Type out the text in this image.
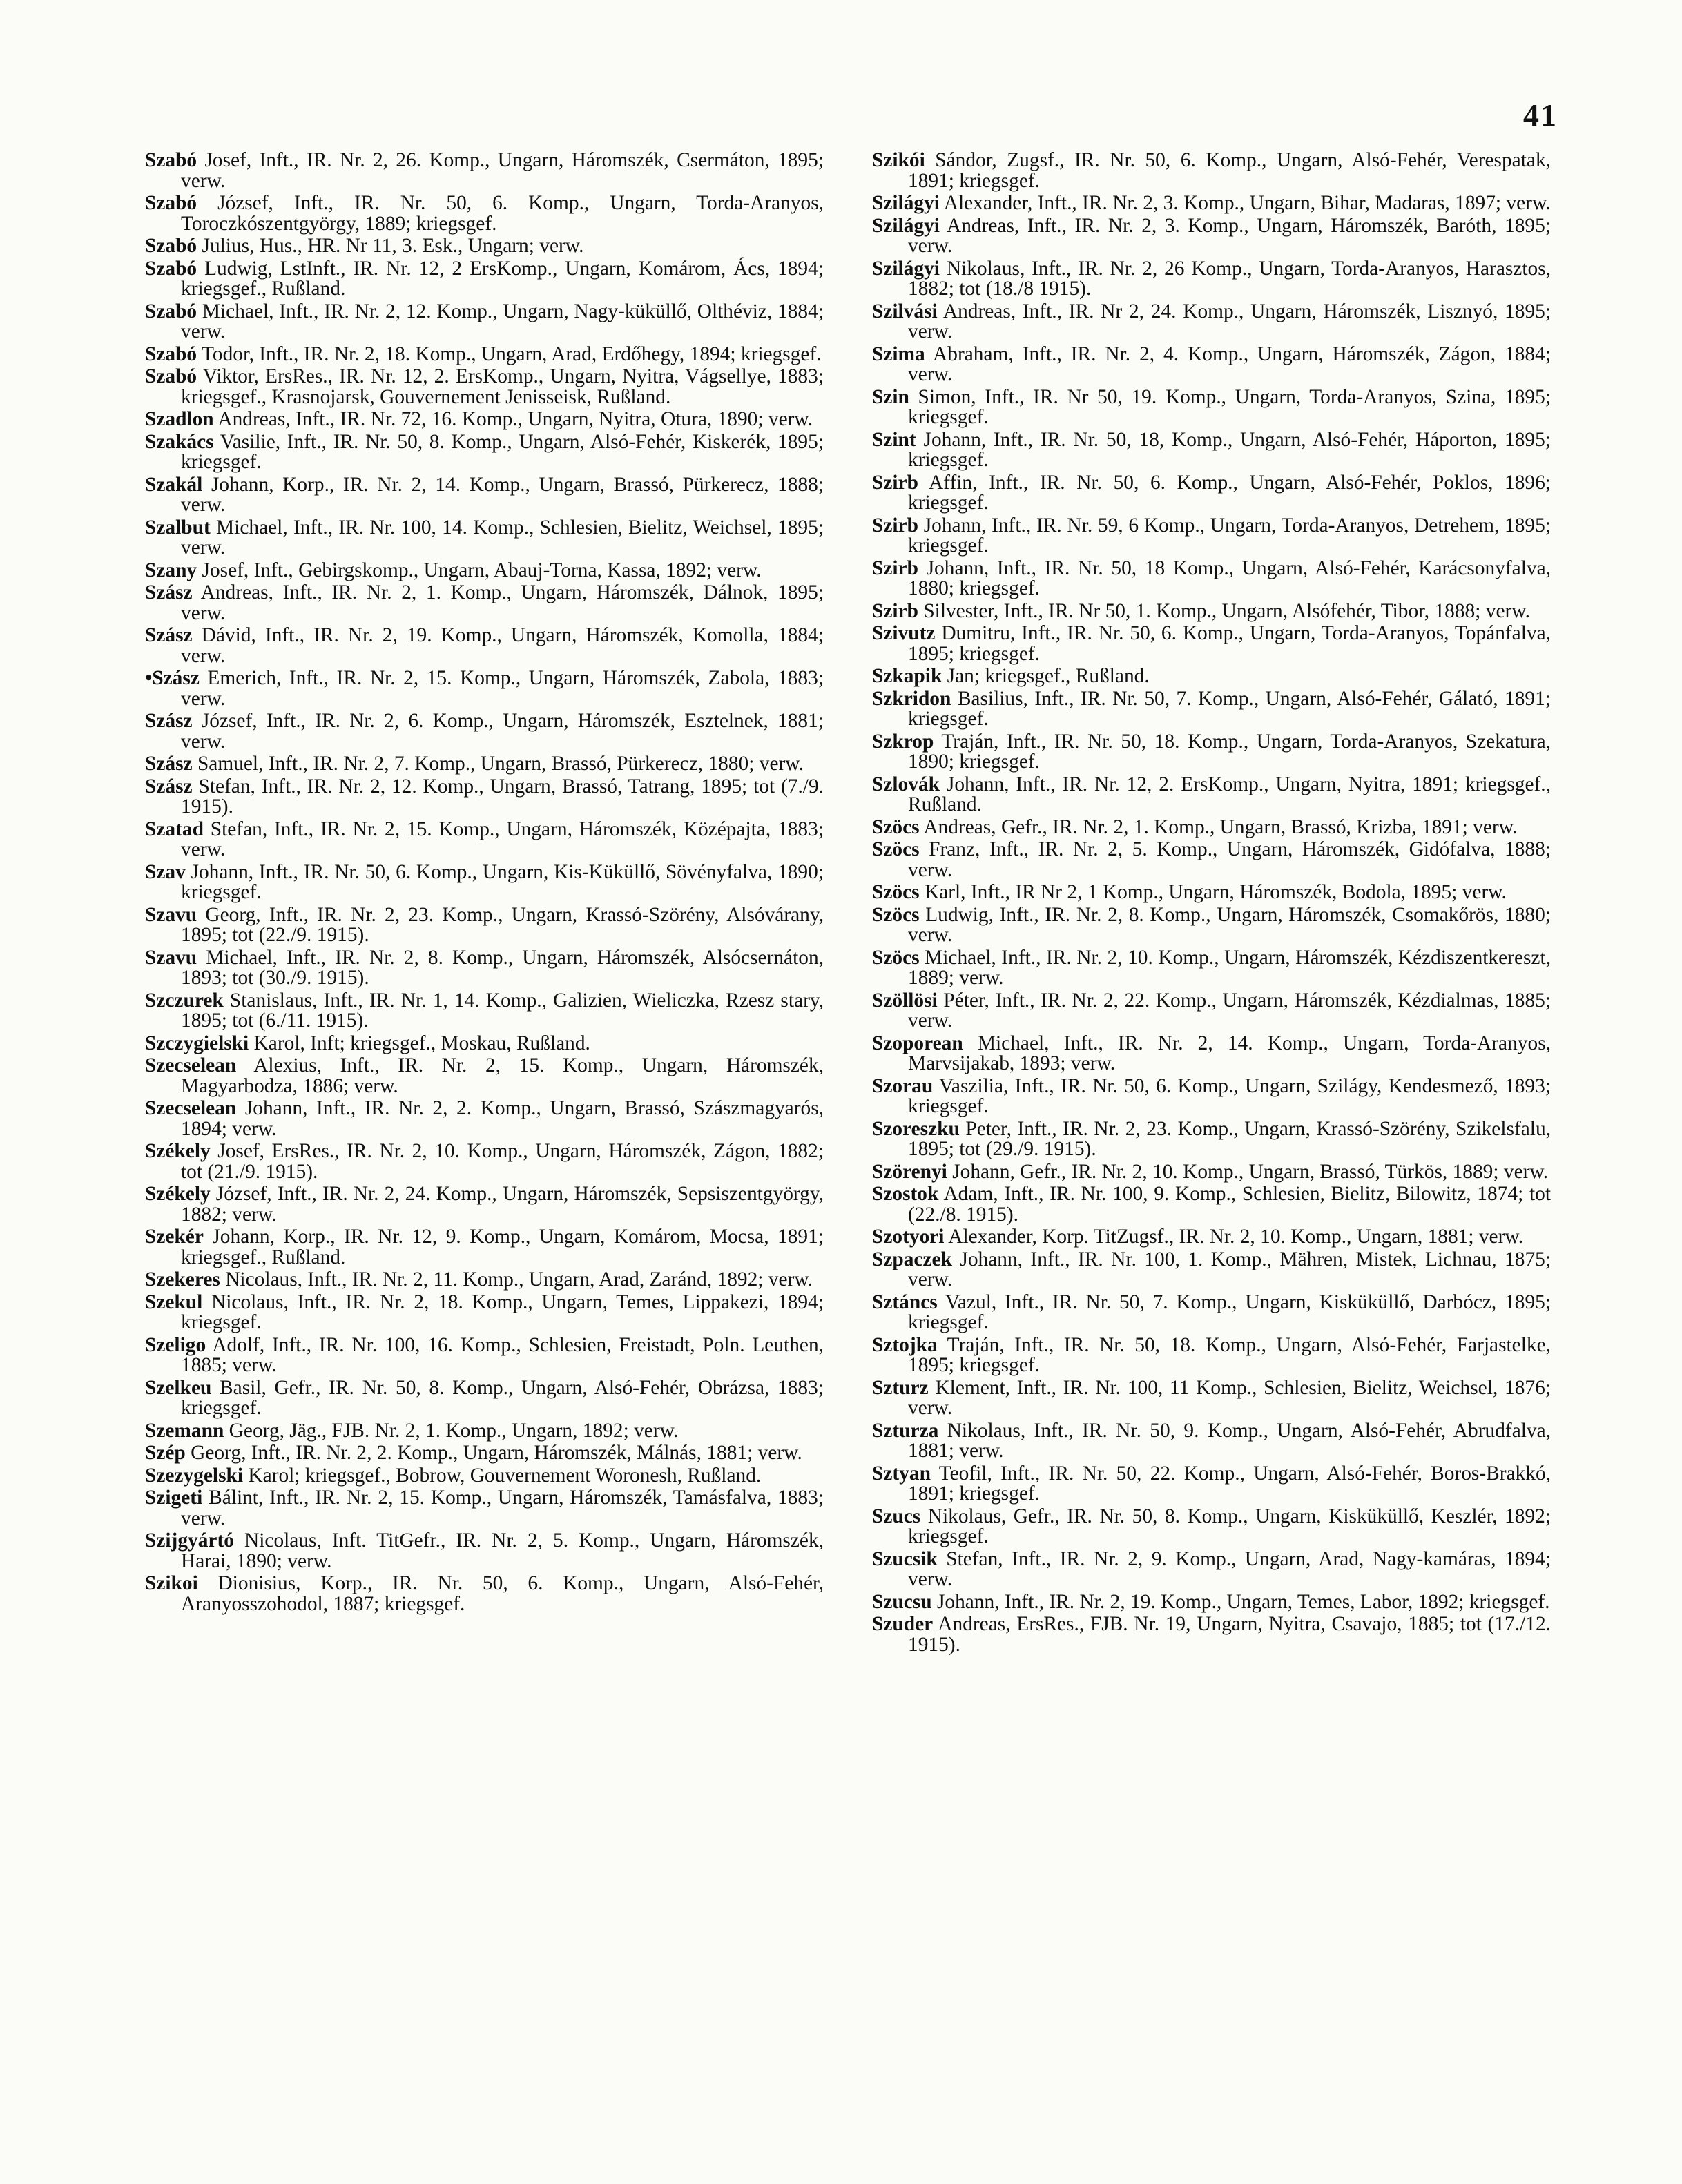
41

Szabó Josef, Inft., IR. Nr. 2, 26. Komp., Ungarn, Háromszék, Csermáton, 1895; verw.

Szabó József, Inft., IR. Nr. 50, 6. Komp., Ungarn, Torda-Aranyos, Toroczkószentgyörgy, 1889; kriegsgef.

Szabó Julius, Hus., HR. Nr 11, 3. Esk., Ungarn; verw.

Szabó Ludwig, LstInft., IR. Nr. 12, 2 ErsKomp., Ungarn, Komárom, Ács, 1894; kriegsgef., Rußland.

Szabó Michael, Inft., IR. Nr. 2, 12. Komp., Ungarn, Nagy-küküllő, Olthéviz, 1884; verw.

Szabó Todor, Inft., IR. Nr. 2, 18. Komp., Ungarn, Arad, Erdőhegy, 1894; kriegsgef.

Szabó Viktor, ErsRes., IR. Nr. 12, 2. ErsKomp., Ungarn, Nyitra, Vágsellye, 1883; kriegsgef., Krasnojarsk, Gouvernement Jenisseisk, Rußland.

Szadlon Andreas, Inft., IR. Nr. 72, 16. Komp., Ungarn, Nyitra, Otura, 1890; verw.

Szakács Vasilie, Inft., IR. Nr. 50, 8. Komp., Ungarn, Alsó-Fehér, Kiskerék, 1895; kriegsgef.

Szakál Johann, Korp., IR. Nr. 2, 14. Komp., Ungarn, Brassó, Pürkerecz, 1888; verw.

Szalbut Michael, Inft., IR. Nr. 100, 14. Komp., Schlesien, Bielitz, Weichsel, 1895; verw.

Szany Josef, Inft., Gebirgskomp., Ungarn, Abauj-Torna, Kassa, 1892; verw.

Szász Andreas, Inft., IR. Nr. 2, 1. Komp., Ungarn, Háromszék, Dálnok, 1895; verw.

Szász Dávid, Inft., IR. Nr. 2, 19. Komp., Ungarn, Háromszék, Komolla, 1884; verw.

•Szász Emerich, Inft., IR. Nr. 2, 15. Komp., Ungarn, Háromszék, Zabola, 1883; verw.

Szász József, Inft., IR. Nr. 2, 6. Komp., Ungarn, Háromszék, Esztelnek, 1881; verw.

Szász Samuel, Inft., IR. Nr. 2, 7. Komp., Ungarn, Brassó, Pürkerecz, 1880; verw.

Szász Stefan, Inft., IR. Nr. 2, 12. Komp., Ungarn, Brassó, Tatrang, 1895; tot (7./9. 1915).

Szatad Stefan, Inft., IR. Nr. 2, 15. Komp., Ungarn, Háromszék, Középajta, 1883; verw.

Szav Johann, Inft., IR. Nr. 50, 6. Komp., Ungarn, Kis-Küküllő, Sövényfalva, 1890; kriegsgef.

Szavu Georg, Inft., IR. Nr. 2, 23. Komp., Ungarn, Krassó-Szörény, Alsóvárany, 1895; tot (22./9. 1915).

Szavu Michael, Inft., IR. Nr. 2, 8. Komp., Ungarn, Háromszék, Alsócsernáton, 1893; tot (30./9. 1915).

Szczurek Stanislaus, Inft., IR. Nr. 1, 14. Komp., Galizien, Wieliczka, Rzesz stary, 1895; tot (6./11. 1915).

Szczygielski Karol, Inft; kriegsgef., Moskau, Rußland.

Szecselean Alexius, Inft., IR. Nr. 2, 15. Komp., Ungarn, Háromszék, Magyarbodza, 1886; verw.

Szecselean Johann, Inft., IR. Nr. 2, 2. Komp., Ungarn, Brassó, Szászmagyarós, 1894; verw.

Székely Josef, ErsRes., IR. Nr. 2, 10. Komp., Ungarn, Háromszék, Zágon, 1882; tot (21./9. 1915).

Székely József, Inft., IR. Nr. 2, 24. Komp., Ungarn, Háromszék, Sepsiszentgyörgy, 1882; verw.

Szekér Johann, Korp., IR. Nr. 12, 9. Komp., Ungarn, Komárom, Mocsa, 1891; kriegsgef., Rußland.

Szekeres Nicolaus, Inft., IR. Nr. 2, 11. Komp., Ungarn, Arad, Zaránd, 1892; verw.

Szekul Nicolaus, Inft., IR. Nr. 2, 18. Komp., Ungarn, Temes, Lippakezi, 1894; kriegsgef.

Szeligo Adolf, Inft., IR. Nr. 100, 16. Komp., Schlesien, Freistadt, Poln. Leuthen, 1885; verw.

Szelkeu Basil, Gefr., IR. Nr. 50, 8. Komp., Ungarn, Alsó-Fehér, Obrázsa, 1883; kriegsgef.

Szemann Georg, Jäg., FJB. Nr. 2, 1. Komp., Ungarn, 1892; verw.

Szép Georg, Inft., IR. Nr. 2, 2. Komp., Ungarn, Háromszék, Málnás, 1881; verw.

Szezygelski Karol; kriegsgef., Bobrow, Gouvernement Woronesh, Rußland.

Szigeti Bálint, Inft., IR. Nr. 2, 15. Komp., Ungarn, Háromszék, Tamásfalva, 1883; verw.

Szijgyártó Nicolaus, Inft. TitGefr., IR. Nr. 2, 5. Komp., Ungarn, Háromszék, Harai, 1890; verw.

Szikoi Dionisius, Korp., IR. Nr. 50, 6. Komp., Ungarn, Alsó-Fehér, Aranyosszohodol, 1887; kriegsgef.

Szikói Sándor, Zugsf., IR. Nr. 50, 6. Komp., Ungarn, Alsó-Fehér, Verespatak, 1891; kriegsgef.

Szilágyi Alexander, Inft., IR. Nr. 2, 3. Komp., Ungarn, Bihar, Madaras, 1897; verw.

Szilágyi Andreas, Inft., IR. Nr. 2, 3. Komp., Ungarn, Háromszék, Baróth, 1895; verw.

Szilágyi Nikolaus, Inft., IR. Nr. 2, 26 Komp., Ungarn, Torda-Aranyos, Harasztos, 1882; tot (18./8 1915).

Szilvási Andreas, Inft., IR. Nr 2, 24. Komp., Ungarn, Háromszék, Lisznyó, 1895; verw.

Szima Abraham, Inft., IR. Nr. 2, 4. Komp., Ungarn, Háromszék, Zágon, 1884; verw.

Szin Simon, Inft., IR. Nr 50, 19. Komp., Ungarn, Torda-Aranyos, Szina, 1895; kriegsgef.

Szint Johann, Inft., IR. Nr. 50, 18, Komp., Ungarn, Alsó-Fehér, Háporton, 1895; kriegsgef.

Szirb Affin, Inft., IR. Nr. 50, 6. Komp., Ungarn, Alsó-Fehér, Poklos, 1896; kriegsgef.

Szirb Johann, Inft., IR. Nr. 59, 6 Komp., Ungarn, Torda-Aranyos, Detrehem, 1895; kriegsgef.

Szirb Johann, Inft., IR. Nr. 50, 18 Komp., Ungarn, Alsó-Fehér, Karácsonyfalva, 1880; kriegsgef.

Szirb Silvester, Inft., IR. Nr 50, 1. Komp., Ungarn, Alsófehér, Tibor, 1888; verw.

Szivutz Dumitru, Inft., IR. Nr. 50, 6. Komp., Ungarn, Torda-Aranyos, Topánfalva, 1895; kriegsgef.

Szkapik Jan; kriegsgef., Rußland.

Szkridon Basilius, Inft., IR. Nr. 50, 7. Komp., Ungarn, Alsó-Fehér, Gálató, 1891; kriegsgef.

Szkrop Traján, Inft., IR. Nr. 50, 18. Komp., Ungarn, Torda-Aranyos, Szekatura, 1890; kriegsgef.

Szlovák Johann, Inft., IR. Nr. 12, 2. ErsKomp., Ungarn, Nyitra, 1891; kriegsgef., Rußland.

Szöcs Andreas, Gefr., IR. Nr. 2, 1. Komp., Ungarn, Brassó, Krizba, 1891; verw.

Szöcs Franz, Inft., IR. Nr. 2, 5. Komp., Ungarn, Háromszék, Gidófalva, 1888; verw.

Szöcs Karl, Inft., IR Nr 2, 1 Komp., Ungarn, Háromszék, Bodola, 1895; verw.

Szöcs Ludwig, Inft., IR. Nr. 2, 8. Komp., Ungarn, Háromszék, Csomakőrös, 1880; verw.

Szöcs Michael, Inft., IR. Nr. 2, 10. Komp., Ungarn, Háromszék, Kézdiszentkereszt, 1889; verw.

Szöllösi Péter, Inft., IR. Nr. 2, 22. Komp., Ungarn, Háromszék, Kézdialmas, 1885; verw.

Szoporean Michael, Inft., IR. Nr. 2, 14. Komp., Ungarn, Torda-Aranyos, Marvsijakab, 1893; verw.

Szorau Vaszilia, Inft., IR. Nr. 50, 6. Komp., Ungarn, Szilágy, Kendesmező, 1893; kriegsgef.

Szoreszku Peter, Inft., IR. Nr. 2, 23. Komp., Ungarn, Krassó-Szörény, Szikelsfalu, 1895; tot (29./9. 1915).

Szörenyi Johann, Gefr., IR. Nr. 2, 10. Komp., Ungarn, Brassó, Türkös, 1889; verw.

Szostok Adam, Inft., IR. Nr. 100, 9. Komp., Schlesien, Bielitz, Bilowitz, 1874; tot (22./8. 1915).

Szotyori Alexander, Korp. TitZugsf., IR. Nr. 2, 10. Komp., Ungarn, 1881; verw.

Szpaczek Johann, Inft., IR. Nr. 100, 1. Komp., Mähren, Mistek, Lichnau, 1875; verw.

Sztáncs Vazul, Inft., IR. Nr. 50, 7. Komp., Ungarn, Kisküküllő, Darbócz, 1895; kriegsgef.

Sztojka Traján, Inft., IR. Nr. 50, 18. Komp., Ungarn, Alsó-Fehér, Farjastelke, 1895; kriegsgef.

Szturz Klement, Inft., IR. Nr. 100, 11 Komp., Schlesien, Bielitz, Weichsel, 1876; verw.

Szturza Nikolaus, Inft., IR. Nr. 50, 9. Komp., Ungarn, Alsó-Fehér, Abrudfalva, 1881; verw.

Sztyan Teofil, Inft., IR. Nr. 50, 22. Komp., Ungarn, Alsó-Fehér, Boros-Brakkó, 1891; kriegsgef.

Szucs Nikolaus, Gefr., IR. Nr. 50, 8. Komp., Ungarn, Kisküküllő, Keszlér, 1892; kriegsgef.

Szucsik Stefan, Inft., IR. Nr. 2, 9. Komp., Ungarn, Arad, Nagy-kamáras, 1894; verw.

Szucsu Johann, Inft., IR. Nr. 2, 19. Komp., Ungarn, Temes, Labor, 1892; kriegsgef.

Szuder Andreas, ErsRes., FJB. Nr. 19, Ungarn, Nyitra, Csavajo, 1885; tot (17./12. 1915).
